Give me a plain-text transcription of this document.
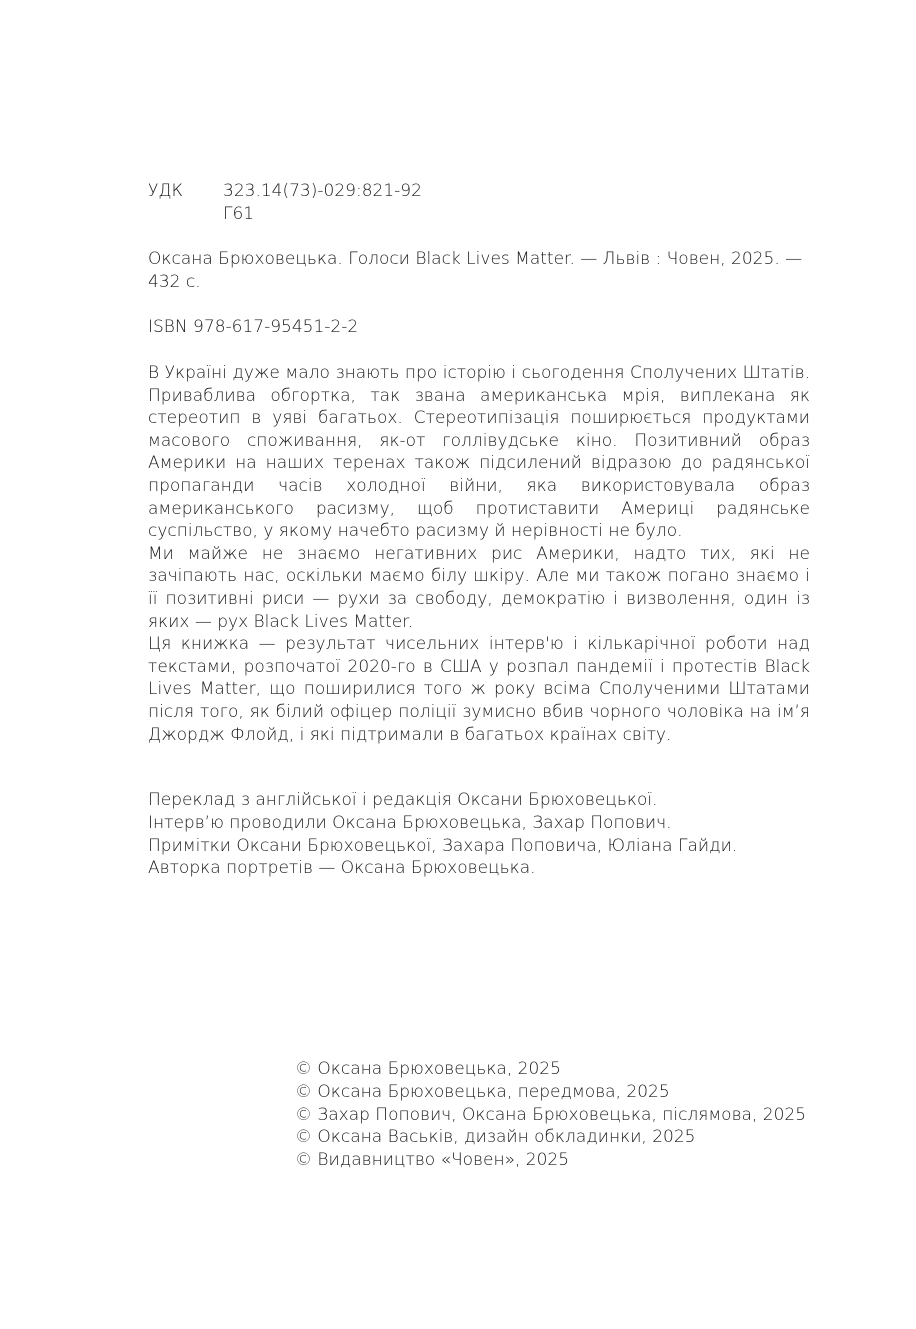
УДК	323.14(73)-029:821-92
Г61
Оксана Брюховецька. Голоси Black Lives Matter. — Львів : Човен, 2025. — 432 с.
ISBN 978-617-95451-2-2

В Україні дуже мало знають про історію і сьогодення Сполучених Штатів. Приваблива обгортка, так звана американська мрія, виплекана як стереотип в уяві багатьох. Стереотипізація поширюється продуктами масового споживання, як-от голлівудське кіно. Позитивний образ Америки на наших теренах також підсилений відразою до радянської пропаганди часів холодної війни, яка використовувала образ американського расизму, щоб протиставити Америці радянське суспільство, у якому начебто расизму й нерівності не було.

Ми майже не знаємо негативних рис Америки, надто тих, які не зачіпають нас, оскільки маємо білу шкіру. Але ми також погано знаємо і її позитивні риси — рухи за свободу, демократію і визволення, один із яких — рух Black Lives Matter.

Ця книжка — результат чисельних інтерв'ю і кількарічної роботи над текстами, розпочатої 2020-го в США у розпал пандемії і протестів Black Lives Matter, що поширилися того ж року всіма Сполученими Штатами після того, як білий офіцер поліції зумисно вбив чорного чоловіка на ім’я Джордж Флойд, і які підтримали в багатьох країнах світу.

Переклад з англійської і редакція Оксани Брюховецької.
Інтерв’ю проводили Оксана Брюховецька, Захар Попович.
Примітки Оксани Брюховецької, Захара Поповича, Юліана Гайди.
Авторка портретів — Оксана Брюховецька.
© Оксана Брюховецька, 2025
© Оксана Брюховецька, передмова, 2025
© Захар Попович, Оксана Брюховецька, післямова, 2025
© Оксана Васьків, дизайн обкладинки, 2025
© Видавництво «Човен», 2025
